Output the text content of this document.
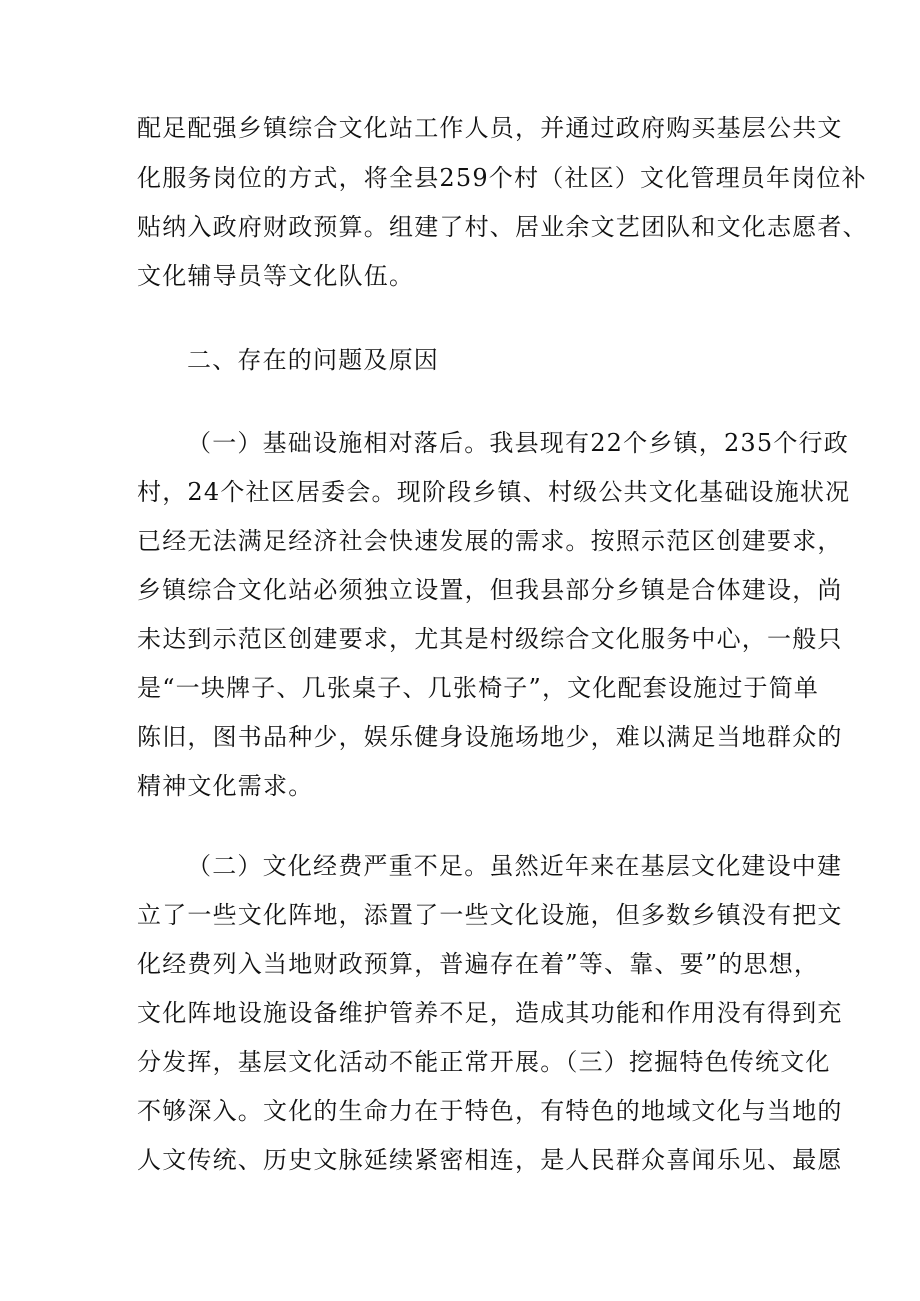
配足配强乡镇综合文化站工作人员，并通过政府购买基层公共文
化服务岗位的方式，将全县259个村（社区）文化管理员年岗位补
贴纳入政府财政预算。组建了村、居业余文艺团队和文化志愿者、
文化辅导员等文化队伍。
二、存在的问题及原因
（一）基础设施相对落后。我县现有22个乡镇，235个行政
村，24个社区居委会。现阶段乡镇、村级公共文化基础设施状况
已经无法满足经济社会快速发展的需求。按照示范区创建要求，
乡镇综合文化站必须独立设置，但我县部分乡镇是合体建设，尚
未达到示范区创建要求，尤其是村级综合文化服务中心，一般只
是“一块牌子、几张桌子、几张椅子”，文化配套设施过于简单
陈旧，图书品种少，娱乐健身设施场地少，难以满足当地群众的
精神文化需求。
（二）文化经费严重不足。虽然近年来在基层文化建设中建
立了一些文化阵地，添置了一些文化设施，但多数乡镇没有把文
化经费列入当地财政预算，普遍存在着”等、靠、要”的思想，
文化阵地设施设备维护管养不足，造成其功能和作用没有得到充
分发挥，基层文化活动不能正常开展。（三）挖掘特色传统文化
不够深入。文化的生命力在于特色，有特色的地域文化与当地的
人文传统、历史文脉延续紧密相连，是人民群众喜闻乐见、最愿
